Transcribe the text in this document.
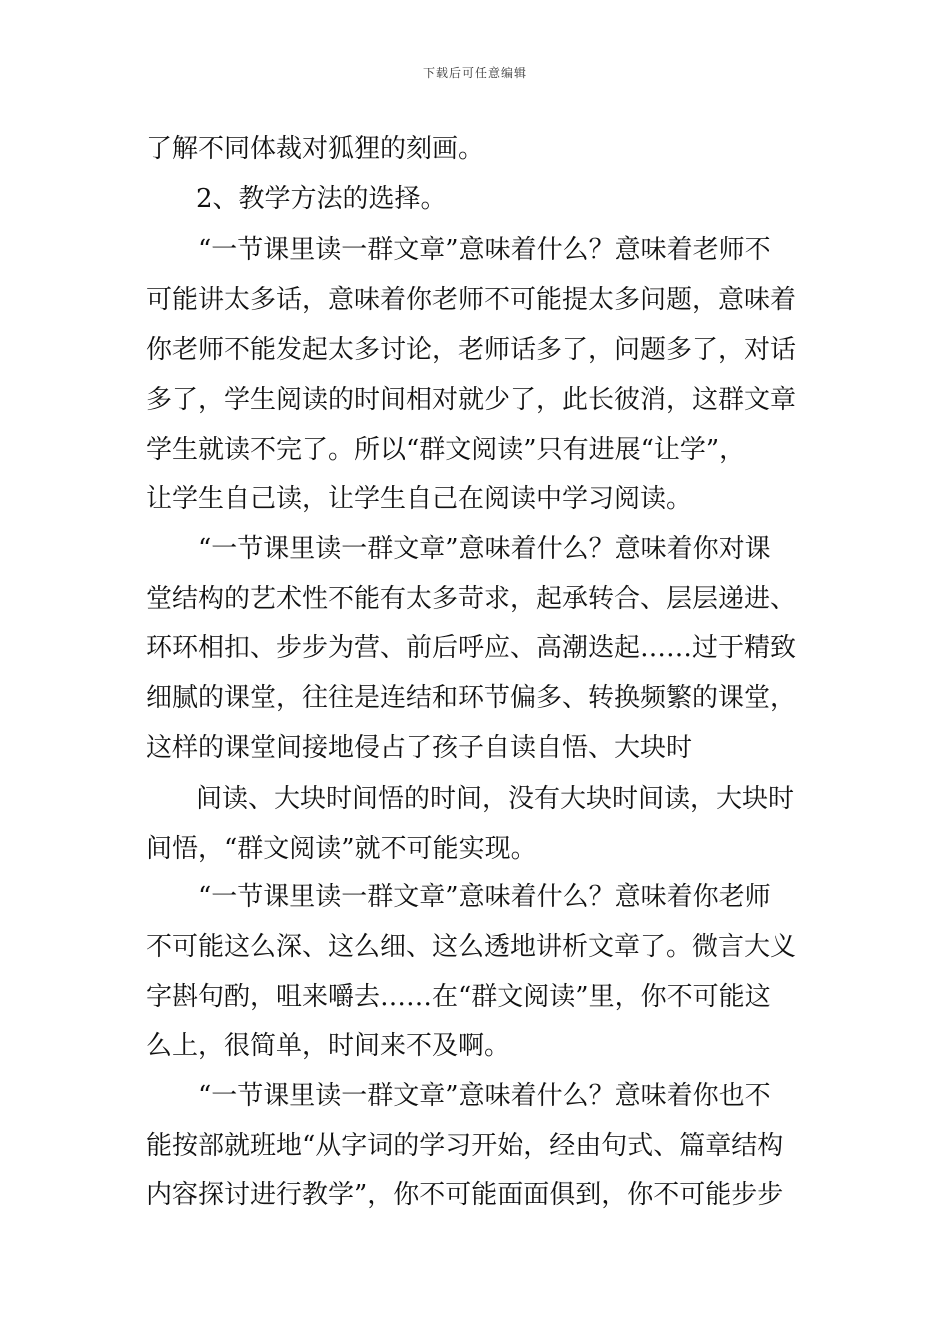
下载后可任意编辑
了解不同体裁对狐狸的刻画。
2、教学方法的选择。
“一节课里读一群文章”意味着什么？意味着老师不
可能讲太多话，意味着你老师不可能提太多问题，意味着
你老师不能发起太多讨论，老师话多了，问题多了，对话
多了，学生阅读的时间相对就少了，此长彼消，这群文章
学生就读不完了。所以“群文阅读”只有进展“让学”，
让学生自己读，让学生自己在阅读中学习阅读。
“一节课里读一群文章”意味着什么？意味着你对课
堂结构的艺术性不能有太多苛求，起承转合、层层递进、
环环相扣、步步为营、前后呼应、高潮迭起……过于精致
细腻的课堂，往往是连结和环节偏多、转换频繁的课堂，
这样的课堂间接地侵占了孩子自读自悟、大块时
间读、大块时间悟的时间，没有大块时间读，大块时
间悟，“群文阅读”就不可能实现。
“一节课里读一群文章”意味着什么？意味着你老师
不可能这么深、这么细、这么透地讲析文章了。微言大义
字斟句酌，咀来嚼去……在“群文阅读”里，你不可能这
么上，很简单，时间来不及啊。
“一节课里读一群文章”意味着什么？意味着你也不
能按部就班地“从字词的学习开始，经由句式、篇章结构
内容探讨进行教学”，你不可能面面俱到，你不可能步步
